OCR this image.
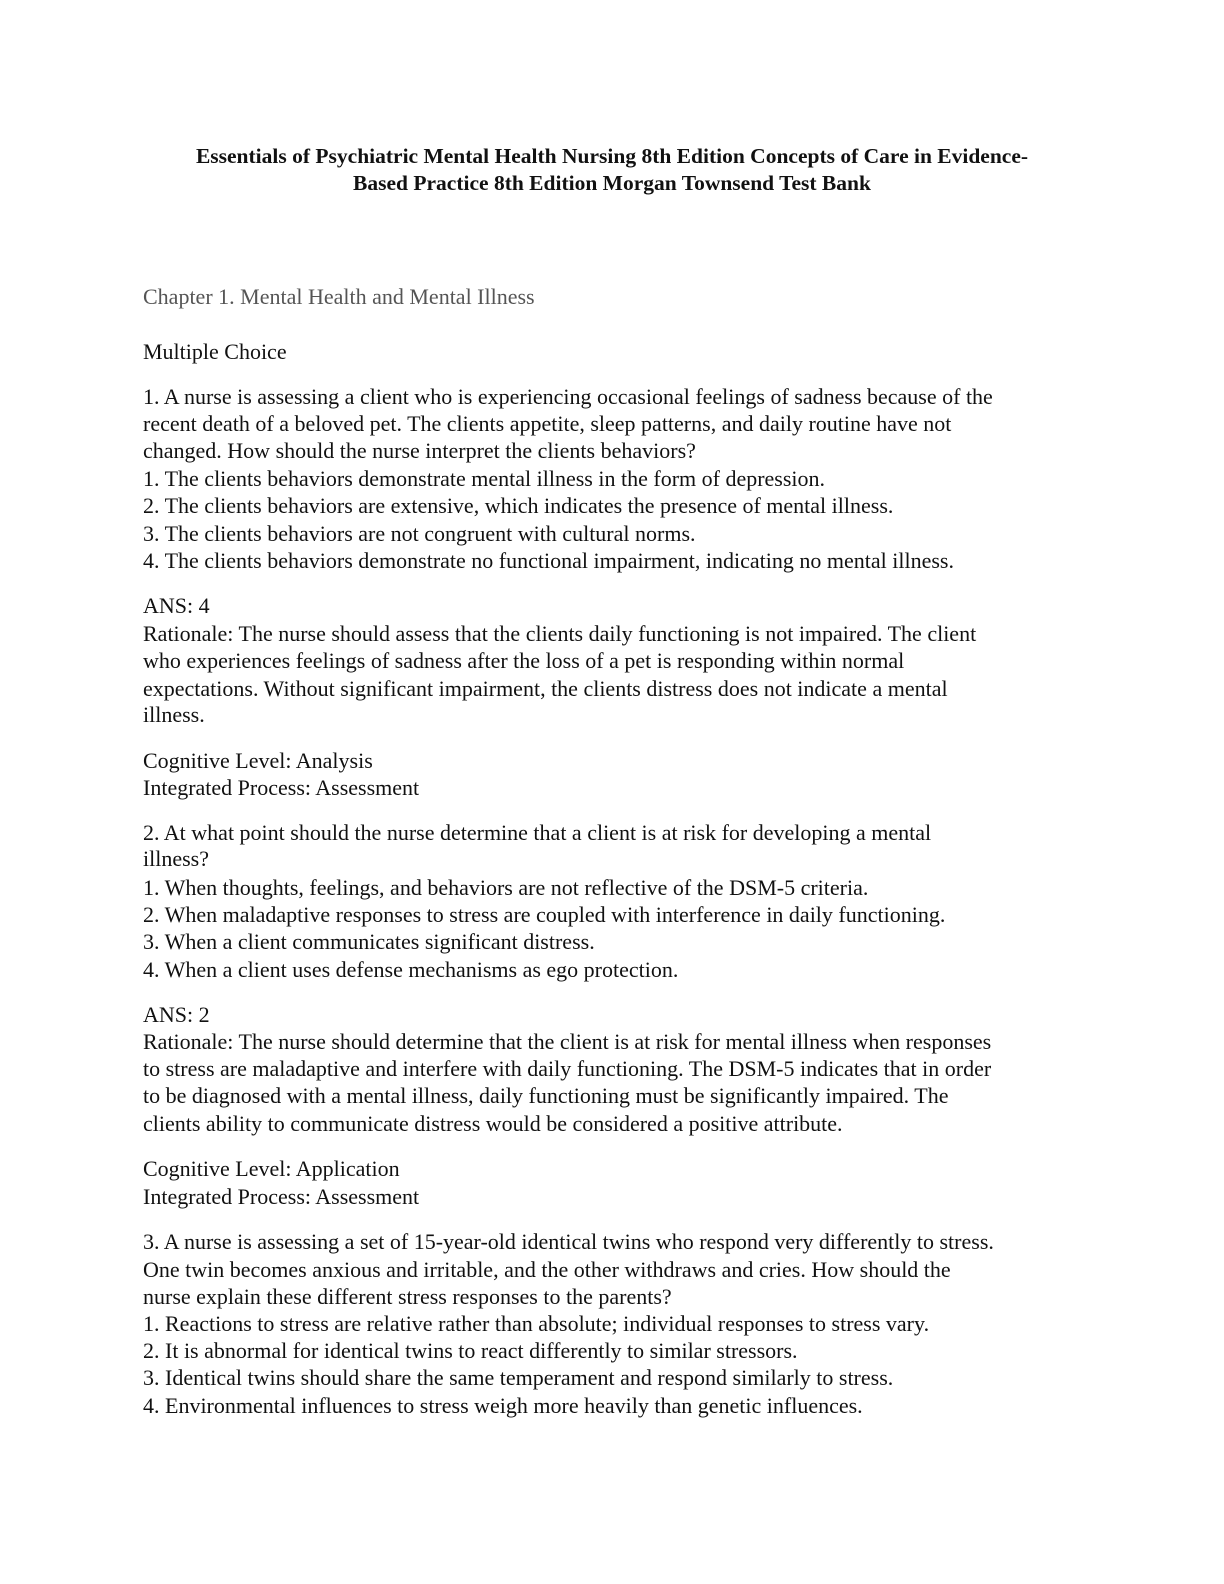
Essentials of Psychiatric Mental Health Nursing 8th Edition Concepts of Care in Evidence-
Based Practice 8th Edition Morgan Townsend Test Bank
Chapter 1. Mental Health and Mental Illness
Multiple Choice
1. A nurse is assessing a client who is experiencing occasional feelings of sadness because of the
recent death of a beloved pet. The clients appetite, sleep patterns, and daily routine have not
changed. How should the nurse interpret the clients behaviors?
1. The clients behaviors demonstrate mental illness in the form of depression.
2. The clients behaviors are extensive, which indicates the presence of mental illness.
3. The clients behaviors are not congruent with cultural norms.
4. The clients behaviors demonstrate no functional impairment, indicating no mental illness.
ANS: 4
Rationale: The nurse should assess that the clients daily functioning is not impaired. The client
who experiences feelings of sadness after the loss of a pet is responding within normal
expectations. Without significant impairment, the clients distress does not indicate a mental
illness.
Cognitive Level: Analysis
Integrated Process: Assessment
2. At what point should the nurse determine that a client is at risk for developing a mental
illness?
1. When thoughts, feelings, and behaviors are not reflective of the DSM-5 criteria.
2. When maladaptive responses to stress are coupled with interference in daily functioning.
3. When a client communicates significant distress.
4. When a client uses defense mechanisms as ego protection.
ANS: 2
Rationale: The nurse should determine that the client is at risk for mental illness when responses
to stress are maladaptive and interfere with daily functioning. The DSM-5 indicates that in order
to be diagnosed with a mental illness, daily functioning must be significantly impaired. The
clients ability to communicate distress would be considered a positive attribute.
Cognitive Level: Application
Integrated Process: Assessment
3. A nurse is assessing a set of 15-year-old identical twins who respond very differently to stress.
One twin becomes anxious and irritable, and the other withdraws and cries. How should the
nurse explain these different stress responses to the parents?
1. Reactions to stress are relative rather than absolute; individual responses to stress vary.
2. It is abnormal for identical twins to react differently to similar stressors.
3. Identical twins should share the same temperament and respond similarly to stress.
4. Environmental influences to stress weigh more heavily than genetic influences.
